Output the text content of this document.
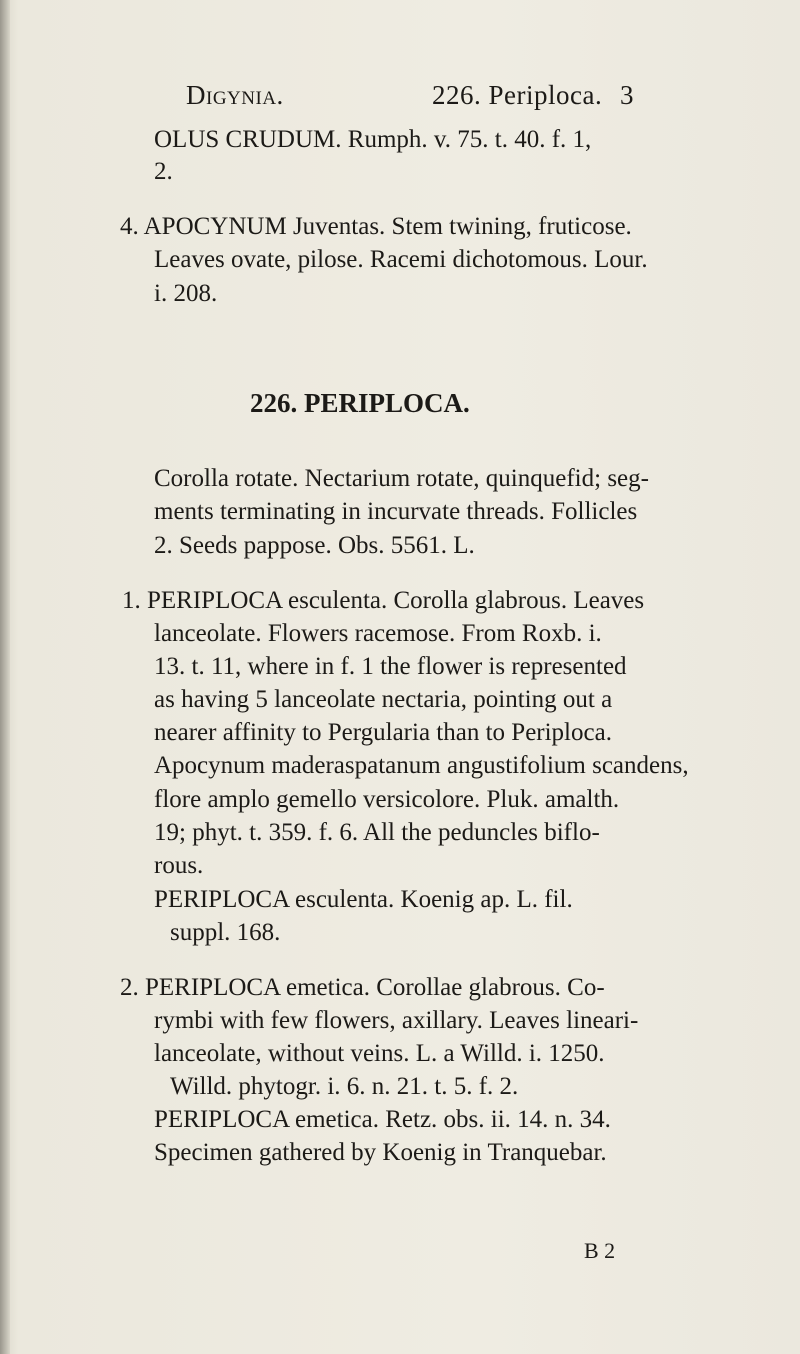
Digynia.	226. Periploca. 3
OLUS CRUDUM. Rumph. v. 75. t. 40. f. 1,
2.
4. APOCYNUM Juventas. Stem twining, fruticose.
Leaves ovate, pilose. Racemi dichotomous. Lour.
i. 208.
226. PERIPLOCA.
Corolla rotate. Nectarium rotate, quinquefid; seg-
ments terminating in incurvate threads. Follicles
2. Seeds pappose. Obs. 5561. L.
1. PERIPLOCA esculenta. Corolla glabrous. Leaves
lanceolate. Flowers racemose. From Roxb. i.
13. t. 11, where in f. 1 the flower is represented
as having 5 lanceolate nectaria, pointing out a
nearer affinity to Pergularia than to Periploca.
Apocynum maderaspatanum angustifolium scandens,
flore amplo gemello versicolore. Pluk. amalth.
19; phyt. t. 359. f. 6. All the peduncles biflo-
rous.
PERIPLOCA esculenta. Koenig ap. L. fil.
suppl. 168.
2. PERIPLOCA emetica. Corollae glabrous. Co-
rymbi with few flowers, axillary. Leaves lineari-
lanceolate, without veins. L. a Willd. i. 1250.
Willd. phytogr. i. 6. n. 21. t. 5. f. 2.
PERIPLOCA emetica. Retz. obs. ii. 14. n. 34.
Specimen gathered by Koenig in Tranquebar.
B 2
